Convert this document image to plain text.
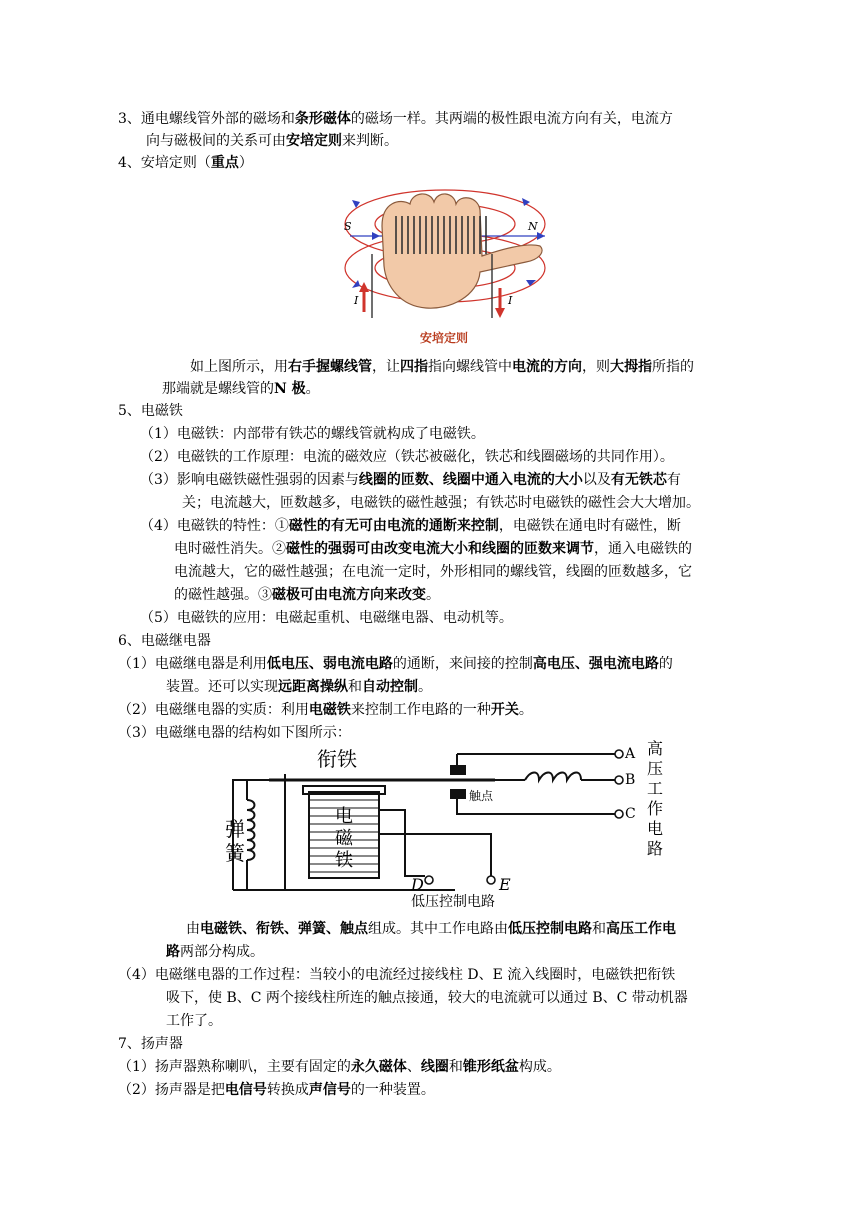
3、通电螺线管外部的磁场和条形磁体的磁场一样。其两端的极性跟电流方向有关，电流方
向与磁极间的关系可由安培定则来判断。
4、安培定则（重点）
S	N
I	I
安培定则
如上图所示，用右手握螺线管，让四指指向螺线管中电流的方向，则大拇指所指的
那端就是螺线管的N 极。
5、电磁铁
（1）电磁铁：内部带有铁芯的螺线管就构成了电磁铁。
（2）电磁铁的工作原理：电流的磁效应（铁芯被磁化，铁芯和线圈磁场的共同作用）。
（3）影响电磁铁磁性强弱的因素与线圈的匝数、线圈中通入电流的大小以及有无铁芯有
关；电流越大，匝数越多，电磁铁的磁性越强；有铁芯时电磁铁的磁性会大大增加。
（4）电磁铁的特性：①磁性的有无可由电流的通断来控制，电磁铁在通电时有磁性，断
电时磁性消失。②磁性的强弱可由改变电流大小和线圈的匝数来调节，通入电磁铁的
电流越大，它的磁性越强；在电流一定时，外形相同的螺线管，线圈的匝数越多，它
的磁性越强。③磁极可由电流方向来改变。
（5）电磁铁的应用：电磁起重机、电磁继电器、电动机等。
6、电磁继电器
（1）电磁继电器是利用低电压、弱电流电路的通断，来间接的控制高电压、强电流电路的
装置。还可以实现远距离操纵和自动控制。
（2）电磁继电器的实质：利用电磁铁来控制工作电路的一种开关。
（3）电磁继电器的结构如下图所示：
衔铁
弹
簧
电
磁
铁
触点
A
B
C
D	E
低压控制电路
高
压
工
作
电
路
由电磁铁、衔铁、弹簧、触点组成。其中工作电路由低压控制电路和高压工作电
路两部分构成。
（4）电磁继电器的工作过程：当较小的电流经过接线柱 D、E 流入线圈时，电磁铁把衔铁
吸下，使 B、C 两个接线柱所连的触点接通，较大的电流就可以通过 B、C 带动机器
工作了。
7、扬声器
（1）扬声器熟称喇叭，主要有固定的永久磁体、线圈和锥形纸盆构成。
（2）扬声器是把电信号转换成声信号的一种装置。
